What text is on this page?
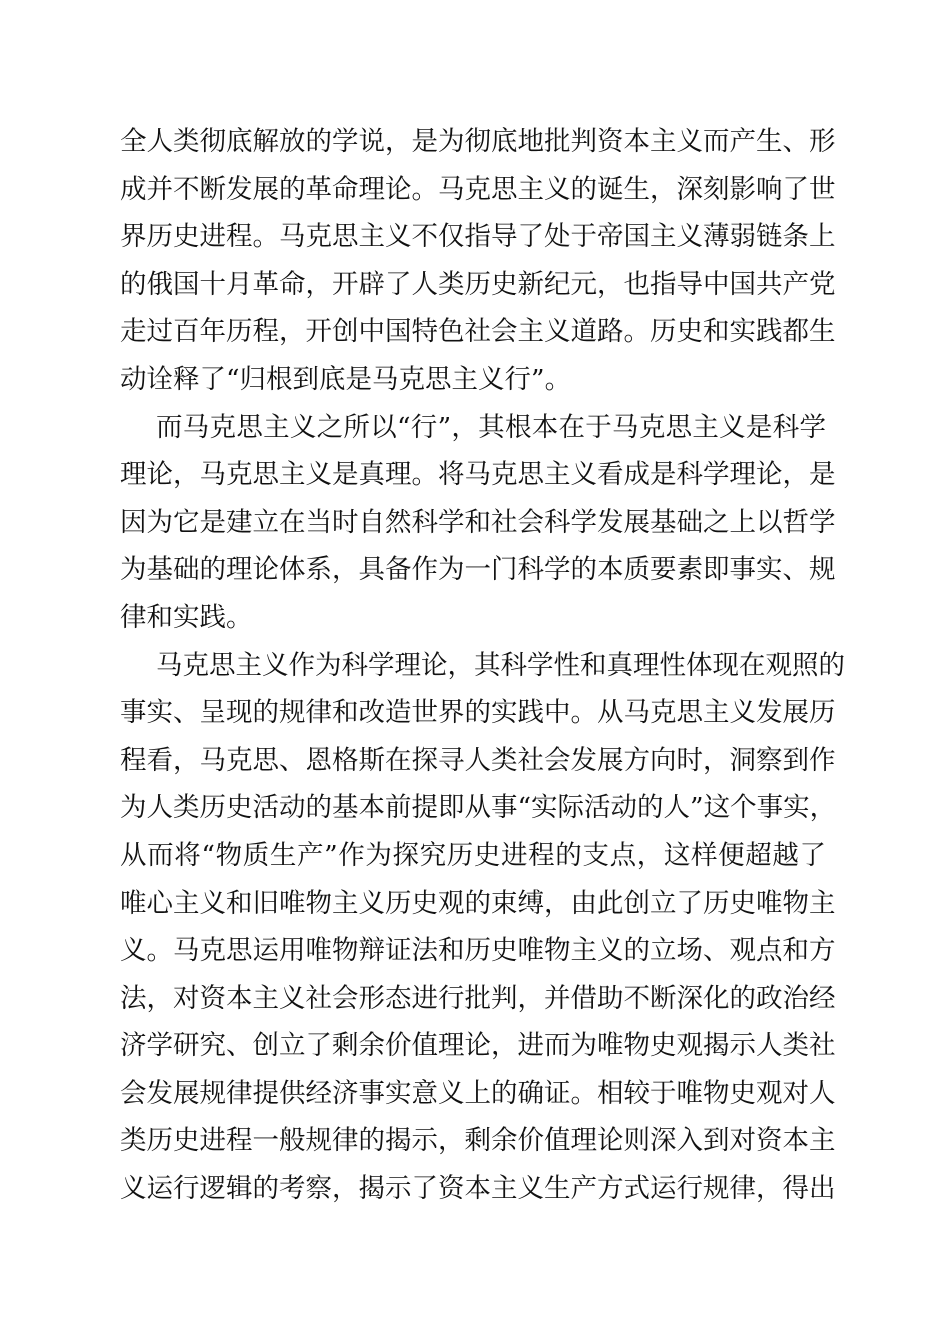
全人类彻底解放的学说，是为彻底地批判资本主义而产生、形
成并不断发展的革命理论。马克思主义的诞生，深刻影响了世
界历史进程。马克思主义不仅指导了处于帝国主义薄弱链条上
的俄国十月革命，开辟了人类历史新纪元，也指导中国共产党
走过百年历程，开创中国特色社会主义道路。历史和实践都生
动诠释了“归根到底是马克思主义行”。
而马克思主义之所以“行”，其根本在于马克思主义是科学
理论，马克思主义是真理。将马克思主义看成是科学理论，是
因为它是建立在当时自然科学和社会科学发展基础之上以哲学
为基础的理论体系，具备作为一门科学的本质要素即事实、规
律和实践。
马克思主义作为科学理论，其科学性和真理性体现在观照的
事实、呈现的规律和改造世界的实践中。从马克思主义发展历
程看，马克思、恩格斯在探寻人类社会发展方向时，洞察到作
为人类历史活动的基本前提即从事“实际活动的人”这个事实，
从而将“物质生产”作为探究历史进程的支点，这样便超越了
唯心主义和旧唯物主义历史观的束缚，由此创立了历史唯物主
义。马克思运用唯物辩证法和历史唯物主义的立场、观点和方
法，对资本主义社会形态进行批判，并借助不断深化的政治经
济学研究、创立了剩余价值理论，进而为唯物史观揭示人类社
会发展规律提供经济事实意义上的确证。相较于唯物史观对人
类历史进程一般规律的揭示，剩余价值理论则深入到对资本主
义运行逻辑的考察，揭示了资本主义生产方式运行规律，得出
